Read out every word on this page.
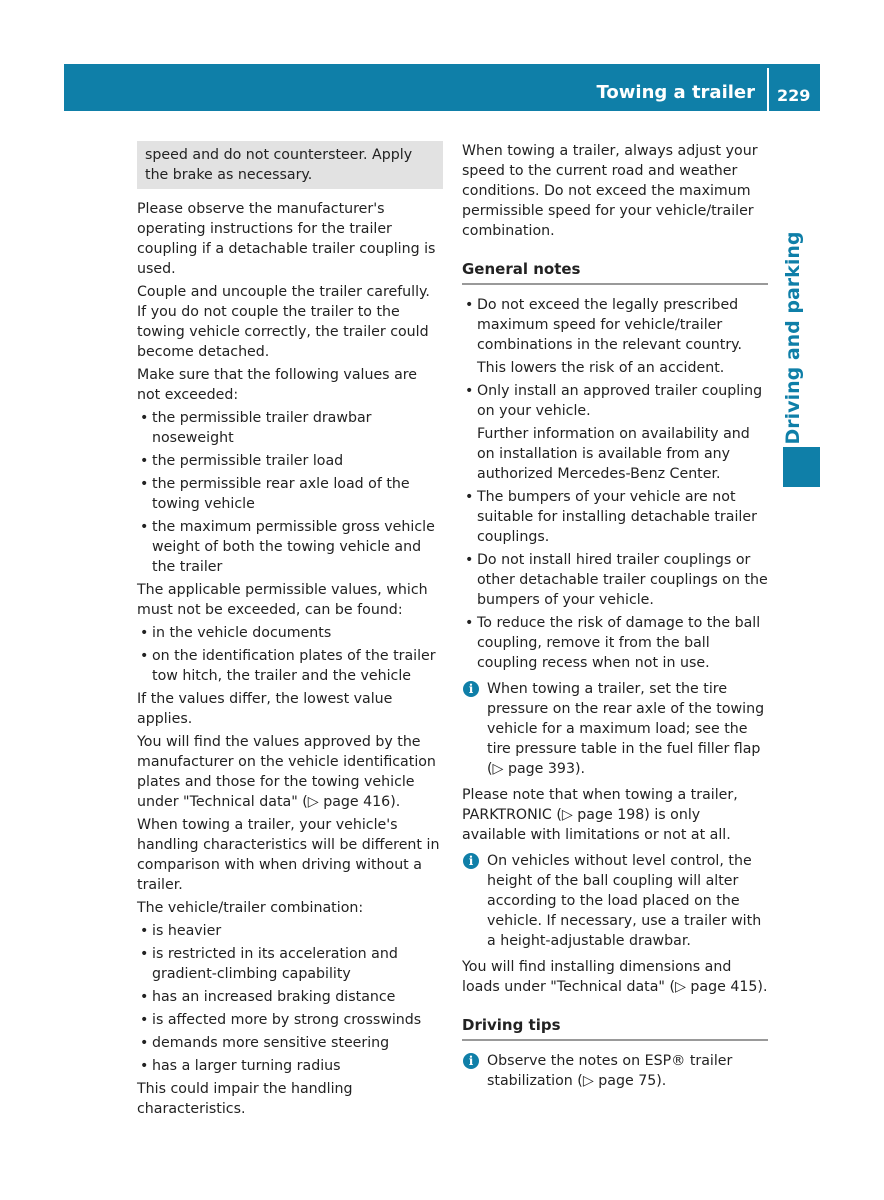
Towing a trailer 229
Driving and parking
speed and do not countersteer. Apply the brake as necessary.

Please observe the manufacturer's operating instructions for the trailer coupling if a detachable trailer coupling is used.

Couple and uncouple the trailer carefully. If you do not couple the trailer to the towing vehicle correctly, the trailer could become detached.

Make sure that the following values are not exceeded:

• the permissible trailer drawbar noseweight
• the permissible trailer load
• the permissible rear axle load of the towing vehicle
• the maximum permissible gross vehicle weight of both the towing vehicle and the trailer

The applicable permissible values, which must not be exceeded, can be found:

• in the vehicle documents
• on the identification plates of the trailer tow hitch, the trailer and the vehicle

If the values differ, the lowest value applies.

You will find the values approved by the manufacturer on the vehicle identification plates and those for the towing vehicle under "Technical data" (▷ page 416).

When towing a trailer, your vehicle's handling characteristics will be different in comparison with when driving without a trailer.

The vehicle/trailer combination:

• is heavier
• is restricted in its acceleration and gradient-climbing capability
• has an increased braking distance
• is affected more by strong crosswinds
• demands more sensitive steering
• has a larger turning radius

This could impair the handling characteristics.

When towing a trailer, always adjust your speed to the current road and weather conditions. Do not exceed the maximum permissible speed for your vehicle/trailer combination.

General notes
• Do not exceed the legally prescribed maximum speed for vehicle/trailer combinations in the relevant country.

This lowers the risk of an accident.

• Only install an approved trailer coupling on your vehicle.

Further information on availability and on installation is available from any authorized Mercedes-Benz Center.

• The bumpers of your vehicle are not suitable for installing detachable trailer couplings.
• Do not install hired trailer couplings or other detachable trailer couplings on the bumpers of your vehicle.
• To reduce the risk of damage to the ball coupling, remove it from the ball coupling recess when not in use.
i When towing a trailer, set the tire pressure on the rear axle of the towing vehicle for a maximum load; see the tire pressure table in the fuel filler flap (▷ page 393).

Please note that when towing a trailer, PARKTRONIC (▷ page 198) is only available with limitations or not at all.

i On vehicles without level control, the height of the ball coupling will alter according to the load placed on the vehicle. If necessary, use a trailer with a height-adjustable drawbar.

You will find installing dimensions and loads under "Technical data" (▷ page 415).

Driving tips
i Observe the notes on ESP® trailer stabilization (▷ page 75).
